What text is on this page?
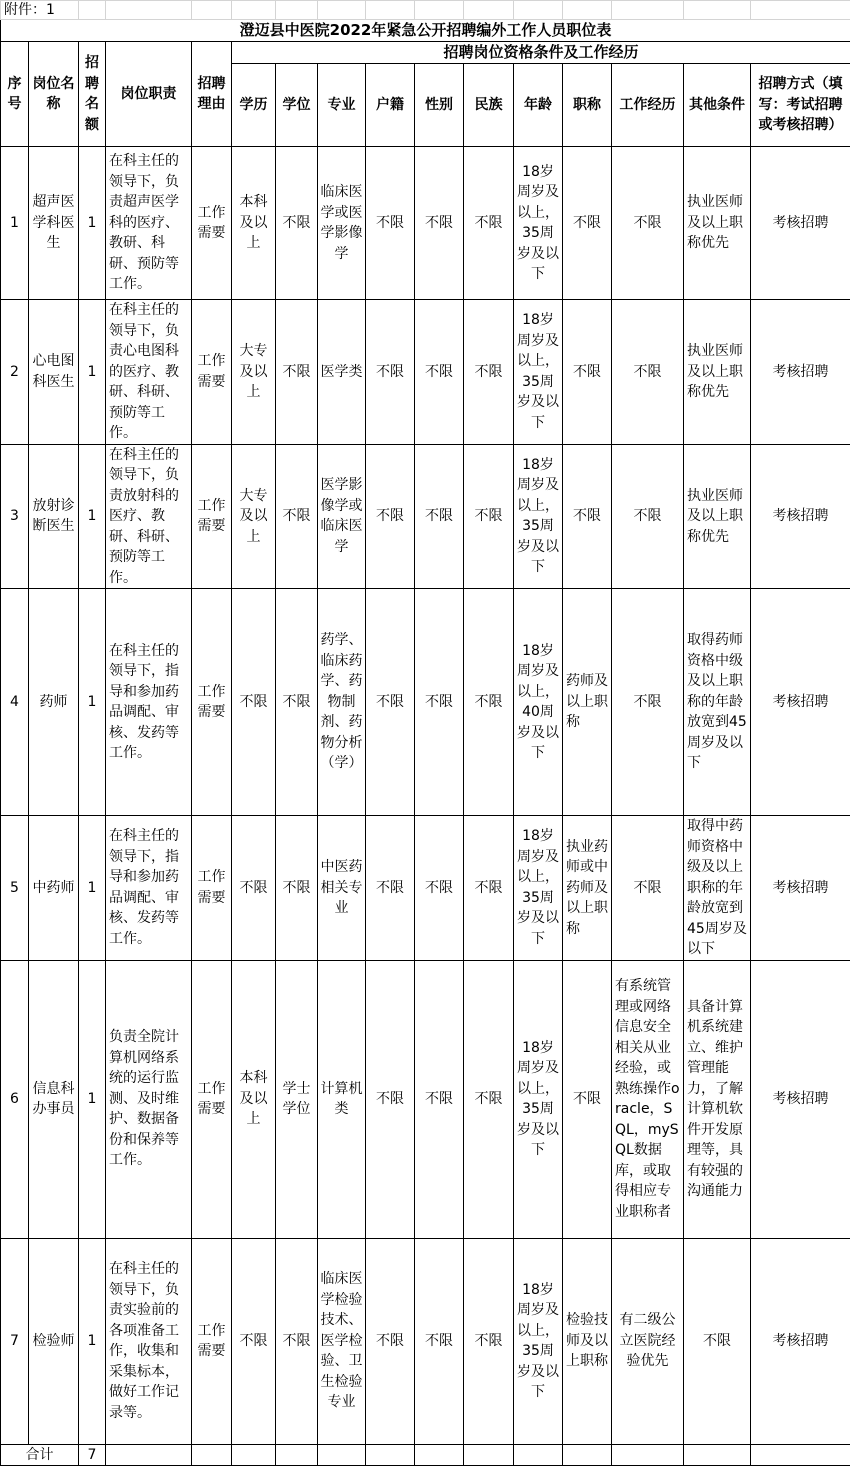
附件：1															
澄迈县中医院2022年紧急公开招聘编外工作人员职位表															
序号	岗位名称	招聘名额	岗位职责	招聘理由	招聘岗位资格条件及工作经历										
					学历	学位	专业	户籍	性别	民族	年龄	职称	工作经历	其他条件	招聘方式（填写：考试招聘或考核招聘）
1	超声医学科医生	1	在科主任的领导下，负责超声医学科的医疗、教研、科研、预防等工作。	工作需要	本科及以上	不限	临床医学或医学影像学	不限	不限	不限	18岁周岁及以上，35周岁及以下	不限	不限	执业医师及以上职称优先	考核招聘
2	心电图科医生	1	在科主任的领导下，负责心电图科的医疗、教研、科研、预防等工作。	工作需要	大专及以上	不限	医学类	不限	不限	不限	18岁周岁及以上，35周岁及以下	不限	不限	执业医师及以上职称优先	考核招聘
3	放射诊断医生	1	在科主任的领导下，负责放射科的医疗、教研、科研、预防等工作。	工作需要	大专及以上	不限	医学影像学或临床医学	不限	不限	不限	18岁周岁及以上，35周岁及以下	不限	不限	执业医师及以上职称优先	考核招聘
4	药师	1	在科主任的领导下，指导和参加药品调配、审核、发药等工作。	工作需要	不限	不限	药学、临床药学、药物制剂、药物分析（学）	不限	不限	不限	18岁周岁及以上，40周岁及以下	药师及以上职称	不限	取得药师资格中级及以上职称的年龄放宽到45周岁及以下	考核招聘
5	中药师	1	在科主任的领导下，指导和参加药品调配、审核、发药等工作。	工作需要	不限	不限	中医药相关专业	不限	不限	不限	18岁周岁及以上，35周岁及以下	执业药师或中药师及以上职称	不限	取得中药师资格中级及以上职称的年龄放宽到45周岁及以下	考核招聘
6	信息科办事员	1	负责全院计算机网络系统的运行监测、及时维护、数据备份和保养等工作。	工作需要	本科及以上	学士学位	计算机类	不限	不限	不限	18岁周岁及以上，35周岁及以下	不限	有系统管理或网络信息安全相关从业经验，或熟练操作oracle，SQL，mySQL数据库，或取得相应专业职称者	具备计算机系统建立、维护管理能力，了解计算机软件开发原理等，具有较强的沟通能力	考核招聘
7	检验师	1	在科主任的领导下，负责实验前的各项准备工作，收集和采集标本，做好工作记录等。	工作需要	不限	不限	临床医学检验技术、医学检验、卫生检验专业	不限	不限	不限	18岁周岁及以上，35周岁及以下	检验技师及以上职称	有二级公立医院经验优先	不限	考核招聘
合计		7													
